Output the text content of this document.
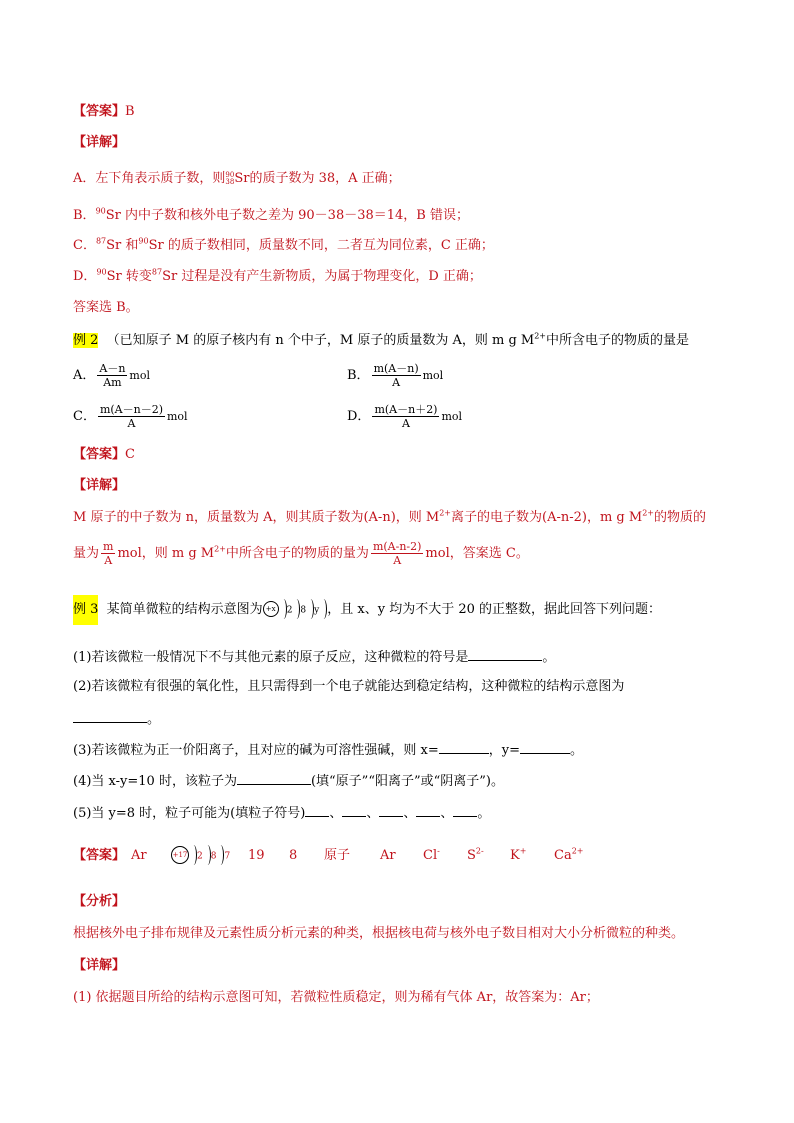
【答案】B
【详解】
A．左下角表示质子数，则 90
38 Sr的质子数为 38，A 正确；
B．$^{90}$Sr 内中子数和核外电子数之差为 90－38－38＝14，B 错误；
C．$^{87}$Sr 和$^{90}$Sr 的质子数相同，质量数不同，二者互为同位素，C 正确；
D．$^{90}$Sr 转变$^{87}$Sr 过程是没有产生新物质，为属于物理变化，D 正确；
答案选 B。
例 2 （已知原子 M 的原子核内有 n 个中子，M 原子的质量数为 A，则 m g $M^{2+}$中所含电子的物质的量是
A． $\frac{A-n}{Am}$ mol	B． $\frac{m(A-n)}{A}$ mol
C． $\frac{m(A-n-2)}{A}$ mol	D． $\frac{m(A-n+2)}{A}$ mol
【答案】C
【详解】
M 原子的中子数为 n，质量数为 A，则其质子数为(A-n)，则 $M^{2+}$离子的电子数为(A-n-2)，m g $M^{2+}$的物质的
量为 $\frac{m}{A}$ mol，则 m g $M^{2+}$中所含电子的物质的量为 $\frac{m(A-n-2)}{A}$ mol，答案选 C。
例 3 某简单微粒的结构示意图为 +x 2 8 y ，且 x、y 均为不大于 20 的正整数，据此回答下列问题：
(1)若该微粒一般情况下不与其他元素的原子反应，这种微粒的符号是	。
(2)若该微粒有很强的氧化性，且只需得到一个电子就能达到稳定结构，这种微粒的结构示意图为
。
(3)若该微粒为正一价阳离子，且对应的碱为可溶性强碱，则 x=	，y=	。
(4)当 x-y=10 时，该粒子为	(填“原子”“阳离子”或“阴离子”)。
(5)当 y=8 时，粒子可能为(填粒子符号) 、 、 、 、 。
【答案】 Ar	+17 2 8 7 19 8 原子 Ar Cl- $S^{2-}$ K+ $Ca^{2+}$
【分析】
根据核外电子排布规律及元素性质分析元素的种类，根据核电荷与核外电子数目相对大小分析微粒的种类。
【详解】
(1) 依据题目所给的结构示意图可知，若微粒性质稳定，则为稀有气体 Ar，故答案为：Ar；
